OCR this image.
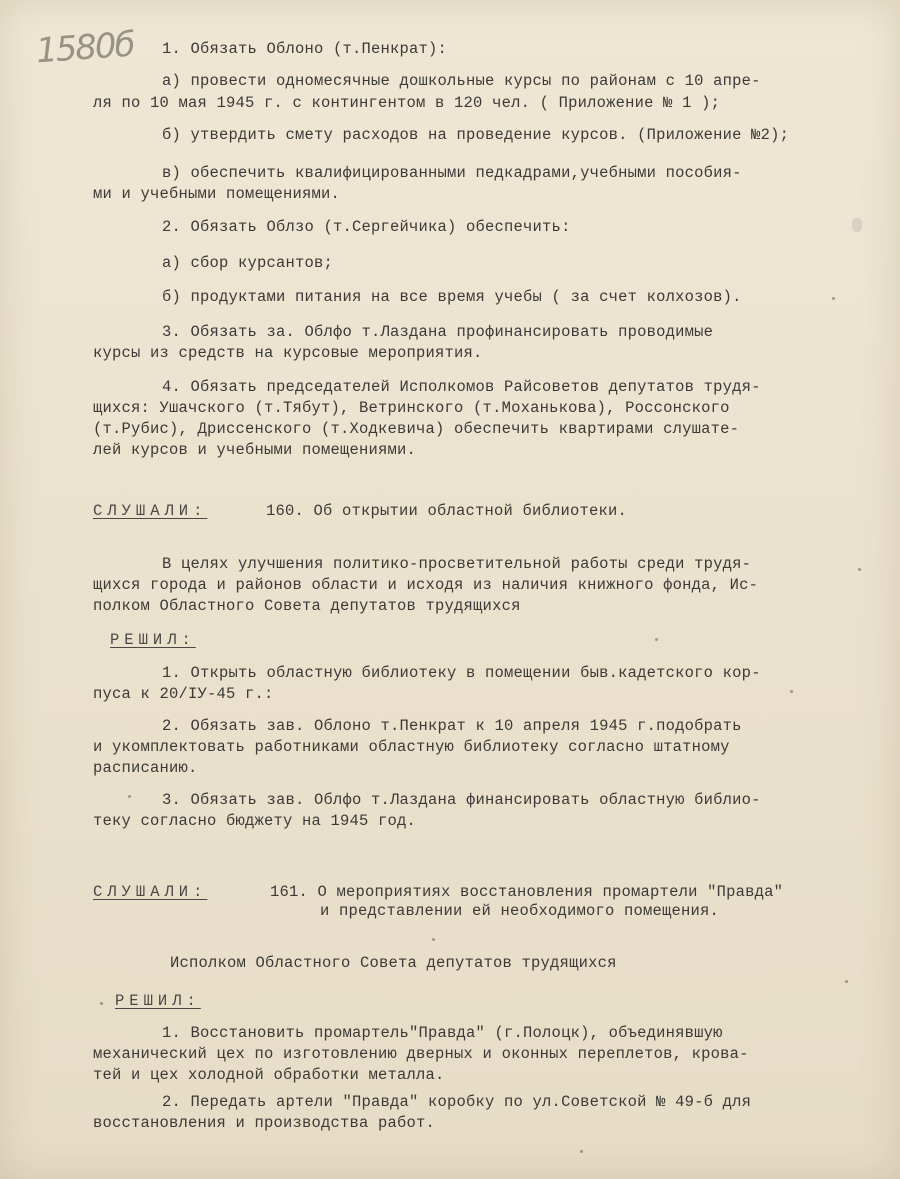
1580б 1. Обязать Облоно (т.Пенкрат):
а) провести одномесячные дошкольные курсы по районам с 10 апре-
ля по 10 мая 1945 г. с контингентом в 120 чел. ( Приложение № 1 );
б) утвердить смету расходов на проведение курсов. (Приложение №2);
в) обеспечить квалифицированными педкадрами,учебными пособия-
ми и учебными помещениями.
2. Обязать Облзо (т.Сергейчика) обеспечить:
а) сбор курсантов;
б) продуктами питания на все время учебы ( за счет колхозов).
3. Обязать за. Облфо т.Лаздана профинансировать проводимые
курсы из средств на курсовые мероприятия.
4. Обязать председателей Исполкомов Райсоветов депутатов трудя-
щихся: Ушачского (т.Тябут), Ветринского (т.Моханькова), Россонского
(т.Рубис), Дриссенского (т.Ходкевича) обеспечить квартирами слушате-
лей курсов и учебными помещениями.
СЛУШАЛИ:	160. Об открытии областной библиотеки.
В целях улучшения политико-просветительной работы среди трудя-
щихся города и районов области и исходя из наличия книжного фонда, Ис-
полком Областного Совета депутатов трудящихся
РЕШИЛ:
1. Открыть областную библиотеку в помещении быв.кадетского кор-
пуса к 20/IУ-45 г.:
2. Обязать зав. Облоно т.Пенкрат к 10 апреля 1945 г.подобрать
и укомплектовать работниками областную библиотеку согласно штатному
расписанию.
3. Обязать зав. Облфо т.Лаздана финансировать областную библио-
теку согласно бюджету на 1945 год.
СЛУШАЛИ:	161. О мероприятиях восстановления промартели "Правда"
и представлении ей необходимого помещения.
Исполком Областного Совета депутатов трудящихся
РЕШИЛ:
1. Восстановить промартель"Правда" (г.Полоцк), объединявшую
механический цех по изготовлению дверных и оконных переплетов, крова-
тей и цех холодной обработки металла.
2. Передать артели "Правда" коробку по ул.Советской № 49-б для
восстановления и производства работ.
